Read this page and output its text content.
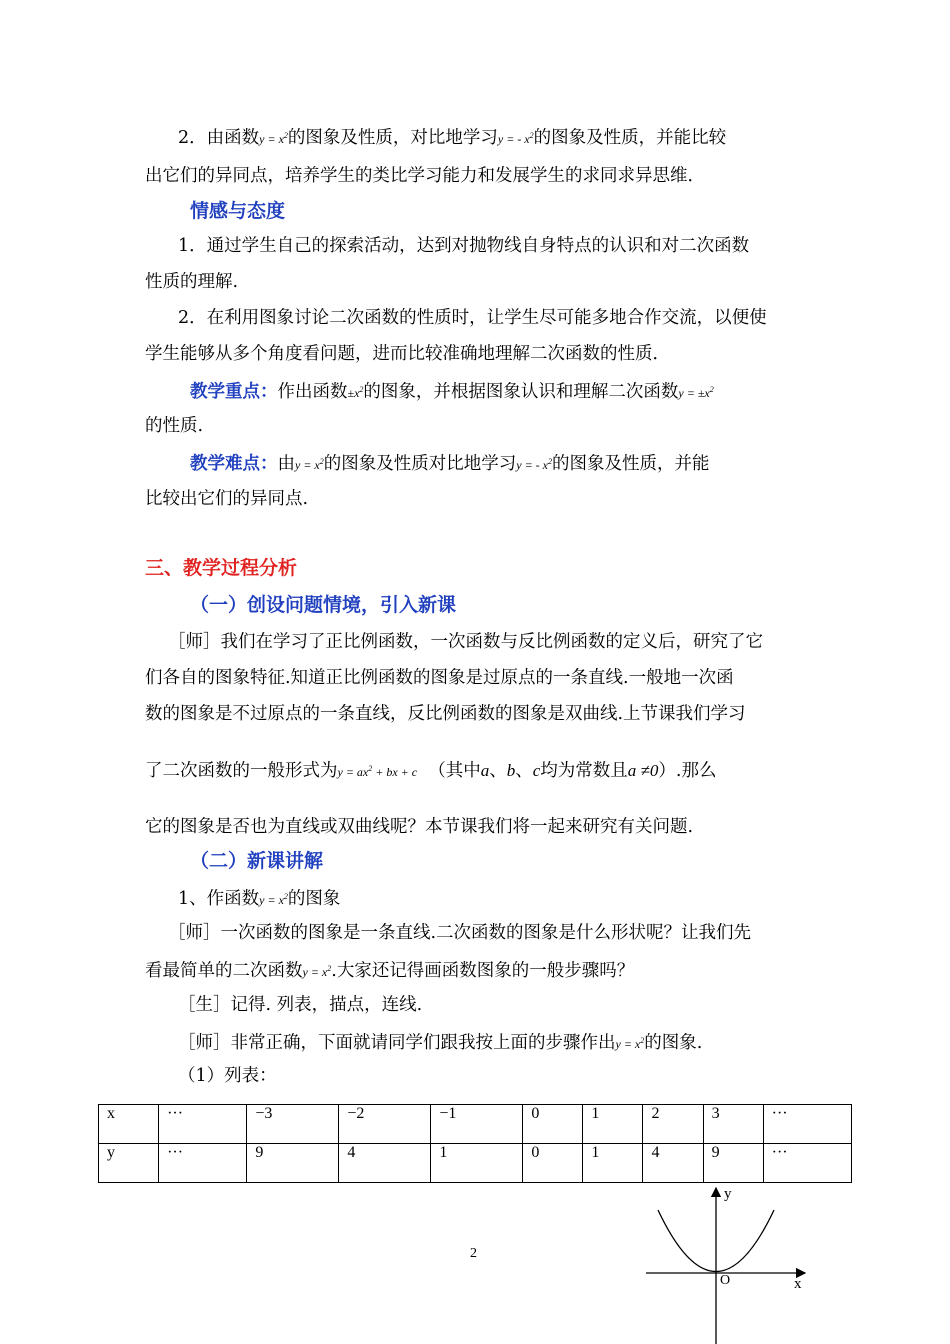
2．由函数$y = x^2$的图象及性质，对比地学习y = - $x^2$的图象及性质，并能比较
出它们的异同点，培养学生的类比学习能力和发展学生的求同求异思维．
情感与态度
1．通过学生自己的探索活动，达到对抛物线自身特点的认识和对二次函数
性质的理解.
2．在利用图象讨论二次函数的性质时，让学生尽可能多地合作交流，以便使
学生能够从多个角度看问题，进而比较准确地理解二次函数的性质．
教学重点：作出函数$\pm x^2$的图象，并根据图象认识和理解二次函数$y = \pm x^2$
的性质.
教学难点：由$y = x^2$的图象及性质对比地学习y = - $x^2$的图象及性质，并能
比较出它们的异同点.
三、教学过程分析
（一）创设问题情境，引入新课
［师］我们在学习了正比例函数，一次函数与反比例函数的定义后，研究了它
们各自的图象特征.知道正比例函数的图象是过原点的一条直线.一般地一次函
数的图象是不过原点的一条直线，反比例函数的图象是双曲线.上节课我们学习
了二次函数的一般形式为$y = ax^2$ + bx + c （其中a、b、c均为常数且a ≠0）.那么
它的图象是否也为直线或双曲线呢？本节课我们将一起来研究有关问题.
（二）新课讲解
1、作函数$y = x^2$的图象
［师］一次函数的图象是一条直线.二次函数的图象是什么形状呢？让我们先
看最简单的二次函数$y = x^2$.大家还记得画函数图象的一般步骤吗？
［生］记得. 列表，描点，连线.
［师］非常正确，下面就请同学们跟我按上面的步骤作出$y = x^2$的图象.
（1）列表：
x	···	−3	−2	−1	0	1	2	3	···
y	···	9	4	1	0	1	4	9	···
y
x
O
2
